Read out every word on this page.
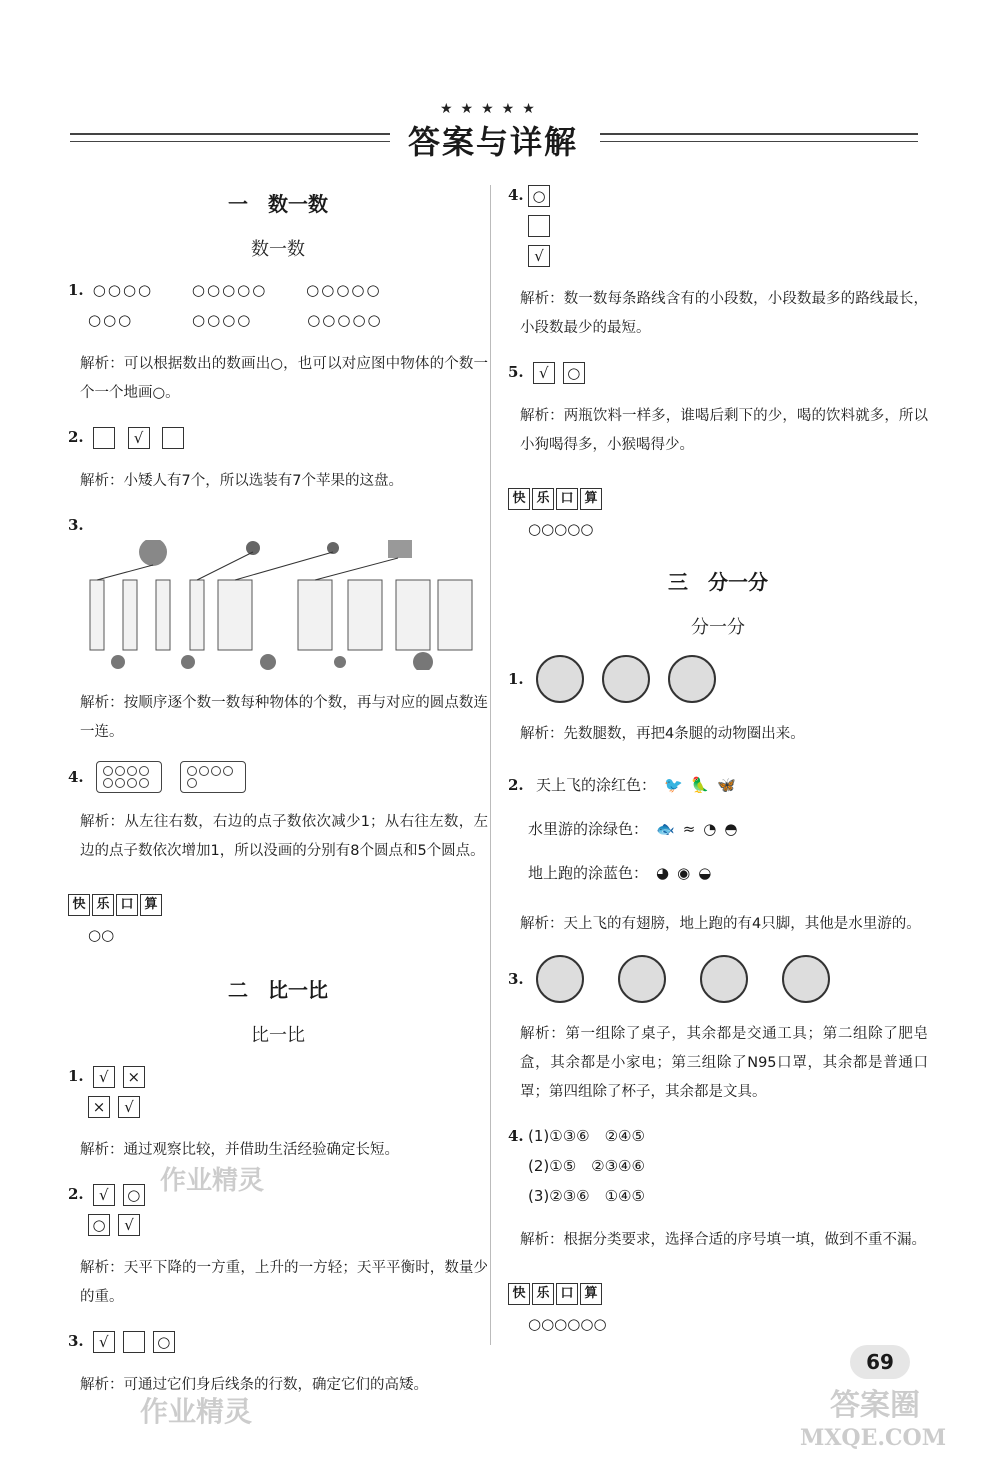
★★★★★
答案与详解
一　数一数
数一数
1. ○○○○	○○○○○	○○○○○
○○○	○○○○	○○○○○

解析：可以根据数出的数画出○，也可以对应图中物体的个数一个一个地画○。

2.	√

解析：小矮人有7个，所以选装有7个苹果的这盘。

3.

解析：按顺序逐个数一数每种物体的个数，再与对应的圆点数连一连。

4.

解析：从左往右数，右边的点子数依次减少1；从右往左数，左边的点子数依次增加1，所以没画的分别有8个圆点和5个圆点。

快 乐 口 算
○○
二　比一比
比一比
1. √ ×
× √

解析：通过观察比较，并借助生活经验确定长短。

2. √ ○
○ √

解析：天平下降的一方重，上升的一方轻；天平平衡时，数量少的重。

3. √	○

解析：可通过它们身后线条的行数，确定它们的高矮。

4. ○
√

解析：数一数每条路线含有的小段数，小段数最多的路线最长，小段数最少的最短。

5. √ ○

解析：两瓶饮料一样多，谁喝后剩下的少，喝的饮料就多，所以小狗喝得多，小猴喝得少。

快 乐 口 算
○○○○○
三　分一分
分一分
1.

解析：先数腿数，再把4条腿的动物圈出来。

2. 天上飞的涂红色： 🐦 🦜 🦋
水里游的涂绿色： 🐟 ≈ ◔ ◓
地上跑的涂蓝色： ◕ ◉ ◒

解析：天上飞的有翅膀，地上跑的有4只脚，其他是水里游的。

3.

解析：第一组除了桌子，其余都是交通工具；第二组除了肥皂盒，其余都是小家电；第三组除了N95口罩，其余都是普通口罩；第四组除了杯子，其余都是文具。

4. (1)①③⑥　②④⑤
(2)①⑤　②③④⑥
(3)②③⑥　①④⑤

解析：根据分类要求，选择合适的序号填一填，做到不重不漏。

快 乐 口 算
○○○○○○
69
作业精灵
作业精灵	答案圈
MXQE.COM
